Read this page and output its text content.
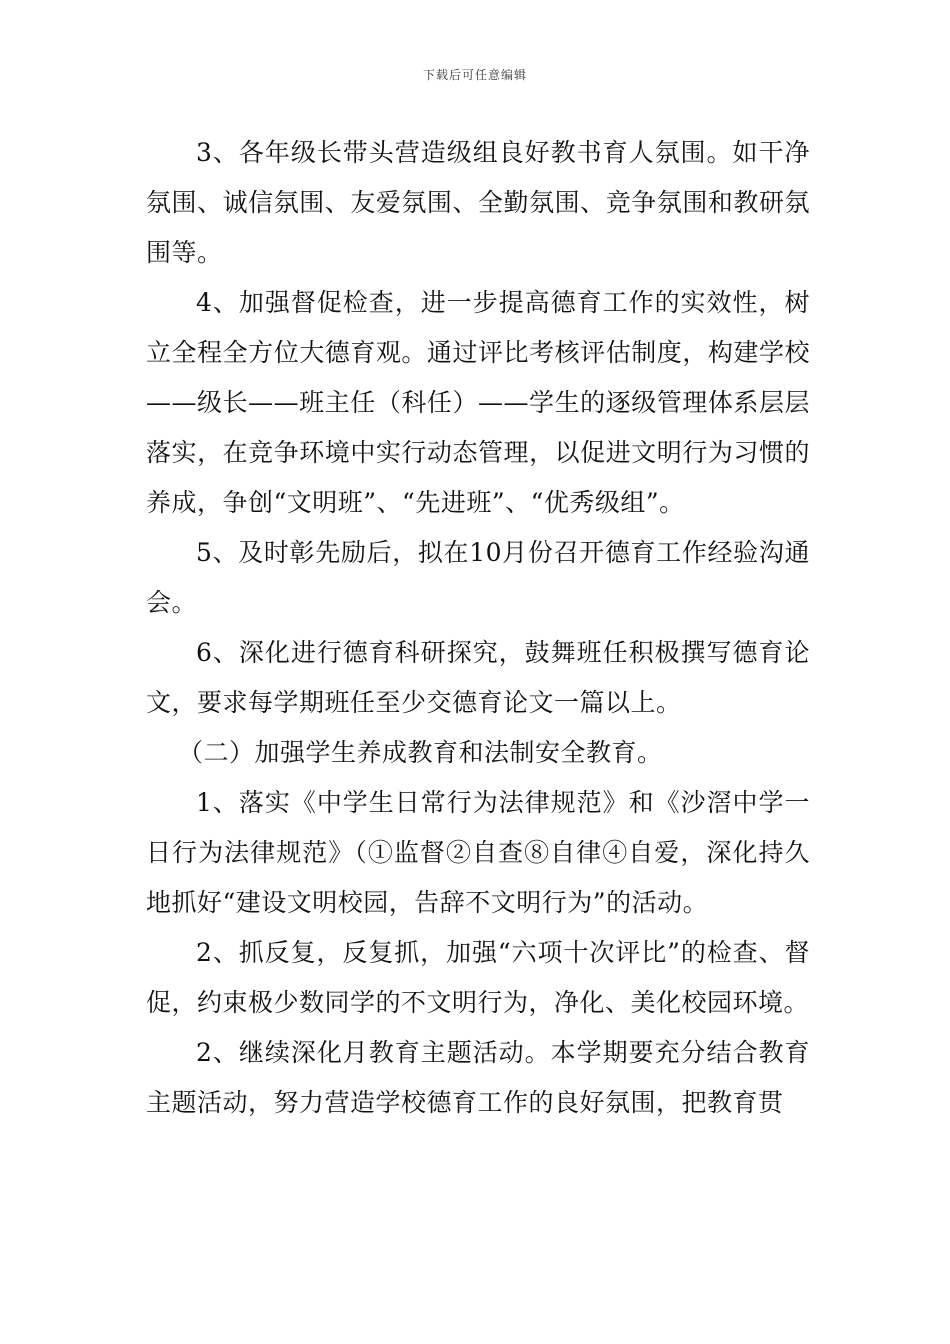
下载后可任意编辑

3、各年级长带头营造级组良好教书育人氛围。如干净氛围、诚信氛围、友爱氛围、全勤氛围、竞争氛围和教研氛围等。

4、加强督促检查，进一步提高德育工作的实效性，树立全程全方位大德育观。通过评比考核评估制度，构建学校——级长——班主任（科任）——学生的逐级管理体系层层落实，在竞争环境中实行动态管理，以促进文明行为习惯的养成，争创“文明班”、“先进班”、“优秀级组”。

5、及时彰先励后，拟在10月份召开德育工作经验沟通会。

6、深化进行德育科研探究，鼓舞班任积极撰写德育论文，要求每学期班任至少交德育论文一篇以上。

（二）加强学生养成教育和法制安全教育。

1、落实《中学生日常行为法律规范》和《沙滘中学一日行为法律规范》（①监督②自查⑧自律④自爱，深化持久地抓好“建设文明校园，告辞不文明行为”的活动。

2、抓反复，反复抓，加强“六项十次评比”的检查、督促，约束极少数同学的不文明行为，净化、美化校园环境。

2、继续深化月教育主题活动。本学期要充分结合教育主题活动，努力营造学校德育工作的良好氛围，把教育贯
